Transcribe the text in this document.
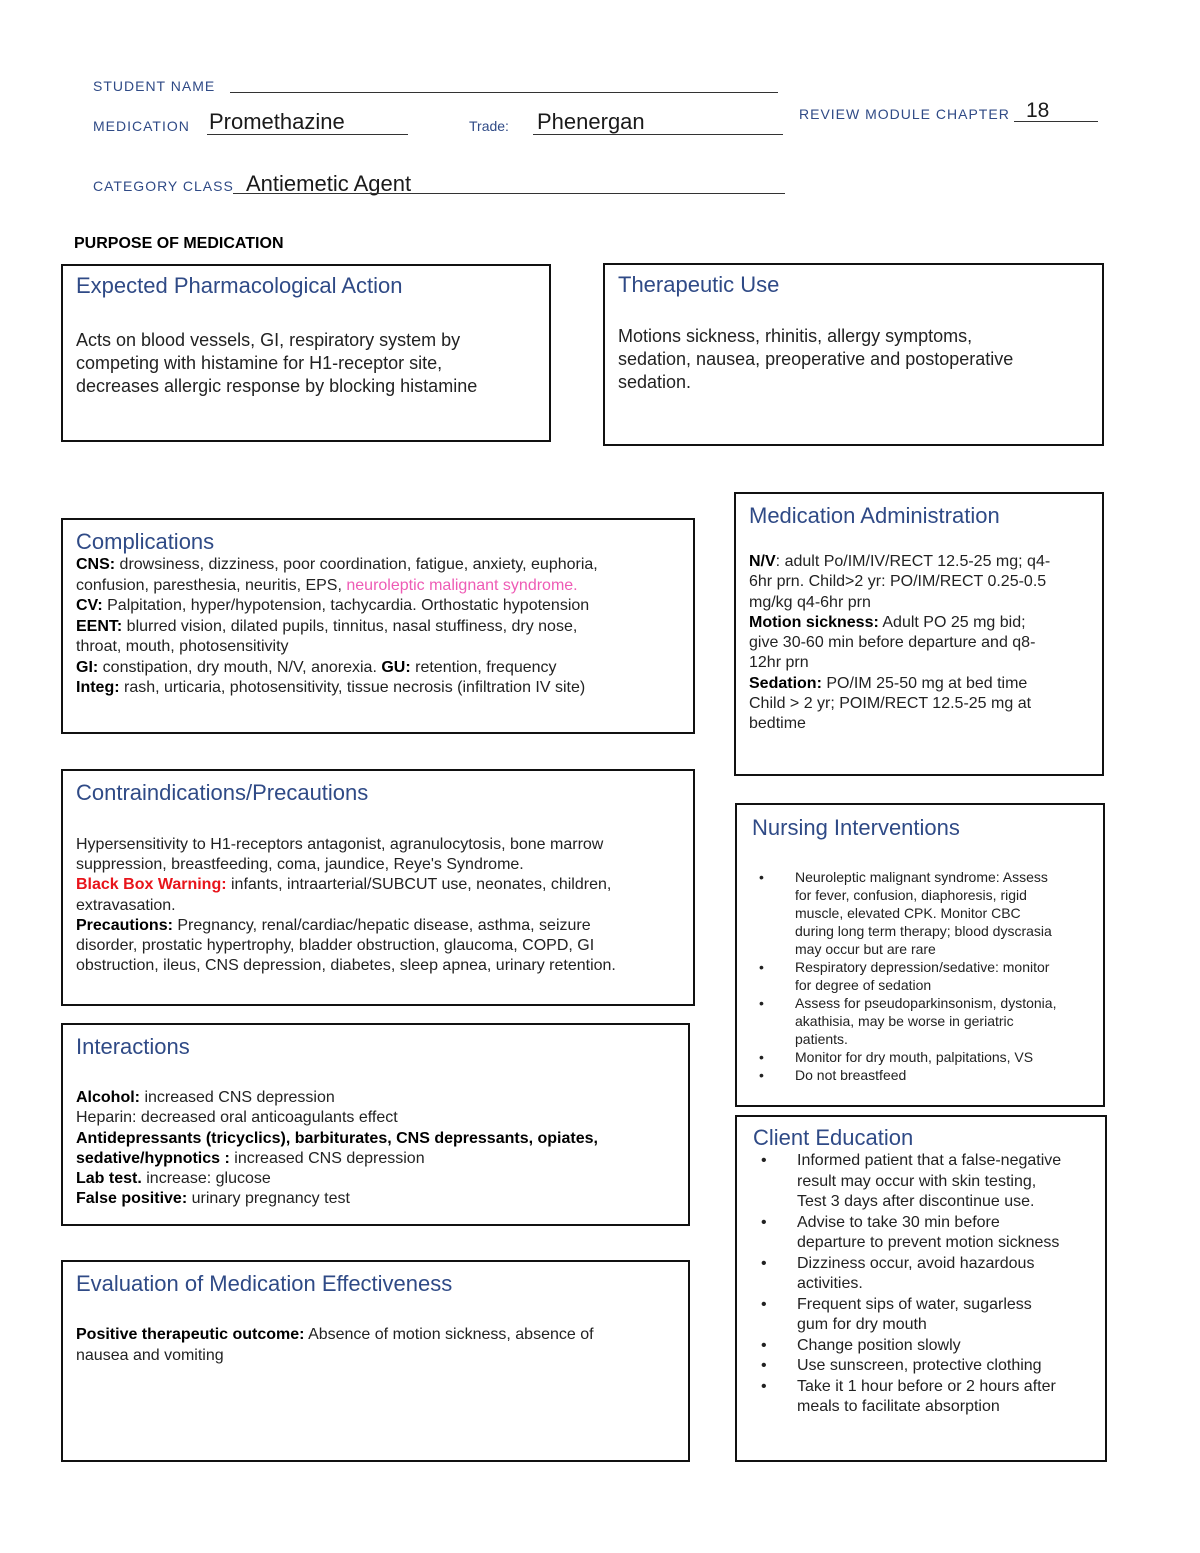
STUDENT NAME
MEDICATION Promethazine	Trade: Phenergan	REVIEW MODULE CHAPTER 18
CATEGORY CLASS Antiemetic Agent
PURPOSE OF MEDICATION
Expected Pharmacological Action

Acts on blood vessels, GI, respiratory system by

competing with histamine for H1-receptor site,

decreases allergic response by blocking histamine

Therapeutic Use

Motions sickness, rhinitis, allergy symptoms,

sedation, nausea, preoperative and postoperative

sedation.

Complications

CNS: drowsiness, dizziness, poor coordination, fatigue, anxiety, euphoria,

confusion, paresthesia, neuritis, EPS, neuroleptic malignant syndrome.

CV: Palpitation, hyper/hypotension, tachycardia. Orthostatic hypotension

EENT: blurred vision, dilated pupils, tinnitus, nasal stuffiness, dry nose,

throat, mouth, photosensitivity

GI: constipation, dry mouth, N/V, anorexia. GU: retention, frequency

Integ: rash, urticaria, photosensitivity, tissue necrosis (infiltration IV site)

Medication Administration

N/V: adult Po/IM/IV/RECT 12.5-25 mg; q4-

6hr prn. Child>2 yr: PO/IM/RECT 0.25-0.5

mg/kg q4-6hr prn

Motion sickness: Adult PO 25 mg bid;

give 30-60 min before departure and q8-

12hr prn

Sedation: PO/IM 25-50 mg at bed time

Child > 2 yr; POIM/RECT 12.5-25 mg at

bedtime

Contraindications/Precautions

Hypersensitivity to H1-receptors antagonist, agranulocytosis, bone marrow

suppression, breastfeeding, coma, jaundice, Reye's Syndrome.

Black Box Warning: infants, intraarterial/SUBCUT use, neonates, children,

extravasation.

Precautions: Pregnancy, renal/cardiac/hepatic disease, asthma, seizure

disorder, prostatic hypertrophy, bladder obstruction, glaucoma, COPD, GI

obstruction, ileus, CNS depression, diabetes, sleep apnea, urinary retention.

Nursing Interventions
• Neuroleptic malignant syndrome: Assess
for fever, confusion, diaphoresis, rigid
muscle, elevated CPK. Monitor CBC
during long term therapy; blood dyscrasia
may occur but are rare
• Respiratory depression/sedative: monitor
for degree of sedation
• Assess for pseudoparkinsonism, dystonia,
akathisia, may be worse in geriatric
patients.
• Monitor for dry mouth, palpitations, VS
• Do not breastfeed
Interactions

Alcohol: increased CNS depression

Heparin: decreased oral anticoagulants effect

Antidepressants (tricyclics), barbiturates, CNS depressants, opiates,

sedative/hypnotics : increased CNS depression

Lab test. increase: glucose

False positive: urinary pregnancy test

Client Education
• Informed patient that a false-negative
result may occur with skin testing,
Test 3 days after discontinue use.
• Advise to take 30 min before
departure to prevent motion sickness
• Dizziness occur, avoid hazardous
activities.
• Frequent sips of water, sugarless
gum for dry mouth
• Change position slowly
• Use sunscreen, protective clothing
• Take it 1 hour before or 2 hours after
meals to facilitate absorption
Evaluation of Medication Effectiveness

Positive therapeutic outcome: Absence of motion sickness, absence of

nausea and vomiting
